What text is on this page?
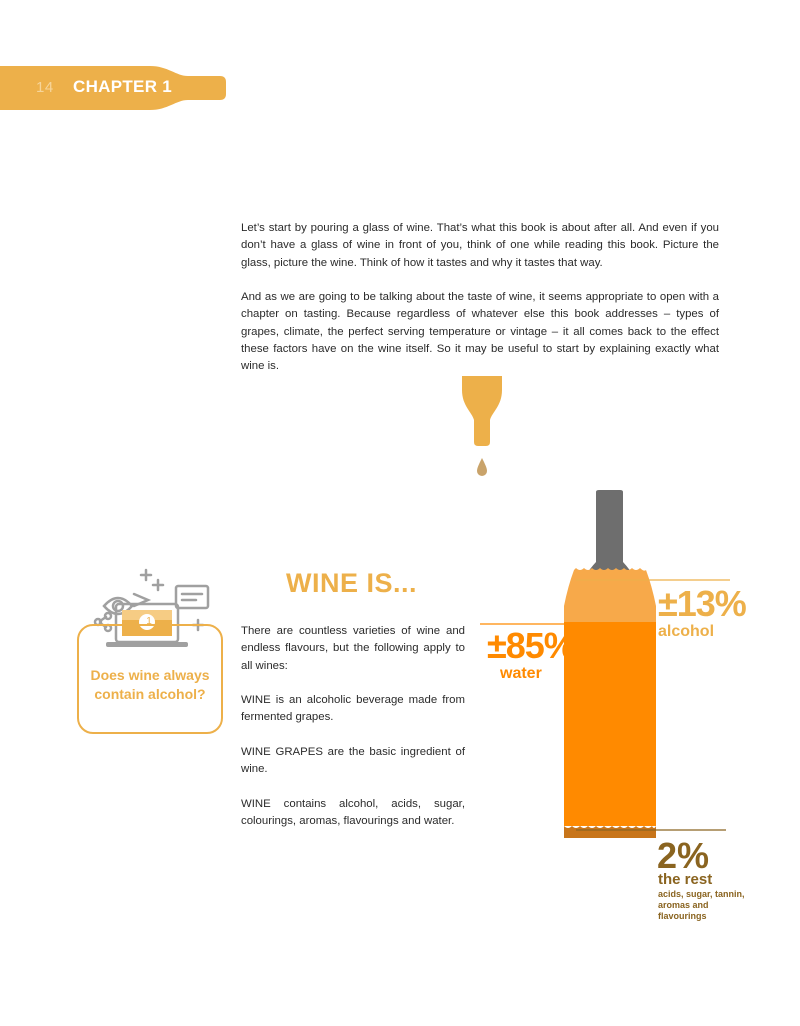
14 CHAPTER 1

Let’s start by pouring a glass of wine. That’s what this book is about after all. And even if you don’t have a glass of wine in front of you, think of one while reading this book. Picture the glass, picture the wine. Think of how it tastes and why it tastes that way.

And as we are going to be talking about the taste of wine, it seems appropriate to open with a chapter on tasting. Because regardless of whatever else this book addresses – types of grapes, climate, the perfect serving temperature or vintage – it all comes back to the effect these factors have on the wine itself. So it may be useful to start by explaining exactly what wine is.

1
Does wine always contain alcohol?
WINE IS...

There are countless varieties of wine and endless flavours, but the following apply to all wines:

WINE is an alcoholic beverage made from fermented grapes.

WINE GRAPES are the basic ingredient of wine.

WINE contains alcohol, acids, sugar, colourings, aromas, flavourings and water.

±13%
alcohol
±85%
water
2%
the rest
acids, sugar, tannin, aromas and flavourings
